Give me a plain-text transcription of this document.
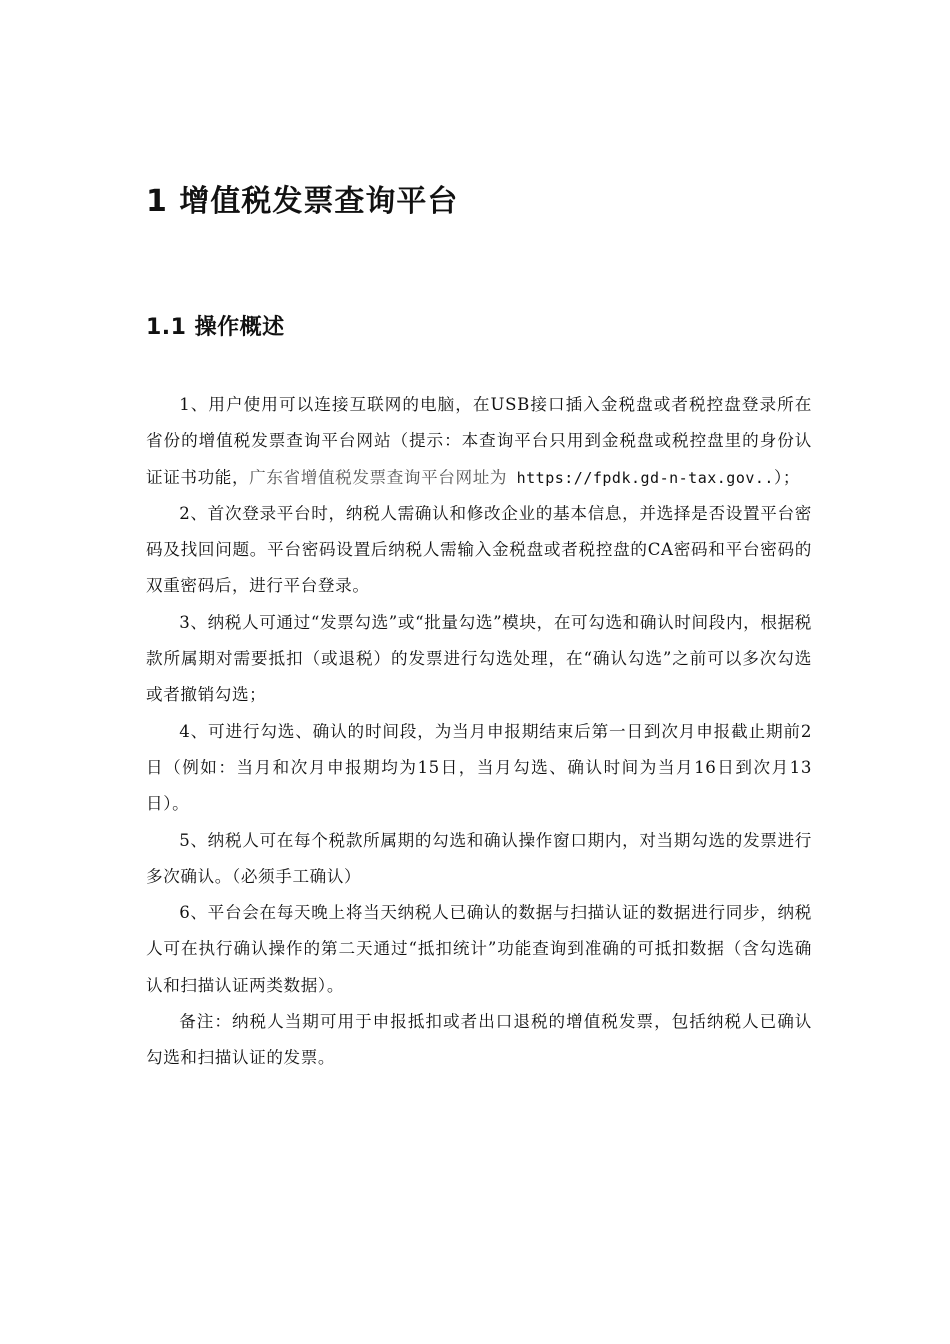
1 增值税发票查询平台
1.1 操作概述

1、用户使用可以连接互联网的电脑，在USB接口插入金税盘或者税控盘登录所在省份的增值税发票查询平台网站（提示：本查询平台只用到金税盘或税控盘里的身份认证证书功能，广东省增值税发票查询平台网址为 https://fpdk.gd-n-tax.gov..）；

2、首次登录平台时，纳税人需确认和修改企业的基本信息，并选择是否设置平台密码及找回问题。平台密码设置后纳税人需输入金税盘或者税控盘的CA密码和平台密码的双重密码后，进行平台登录。

3、纳税人可通过“发票勾选”或“批量勾选”模块，在可勾选和确认时间段内，根据税款所属期对需要抵扣（或退税）的发票进行勾选处理，在“确认勾选”之前可以多次勾选或者撤销勾选；

4、可进行勾选、确认的时间段，为当月申报期结束后第一日到次月申报截止期前2日（例如：当月和次月申报期均为15日，当月勾选、确认时间为当月16日到次月13日）。

5、纳税人可在每个税款所属期的勾选和确认操作窗口期内，对当期勾选的发票进行多次确认。（必须手工确认）

6、平台会在每天晚上将当天纳税人已确认的数据与扫描认证的数据进行同步，纳税人可在执行确认操作的第二天通过“抵扣统计”功能查询到准确的可抵扣数据（含勾选确认和扫描认证两类数据）。

备注：纳税人当期可用于申报抵扣或者出口退税的增值税发票，包括纳税人已确认勾选和扫描认证的发票。
